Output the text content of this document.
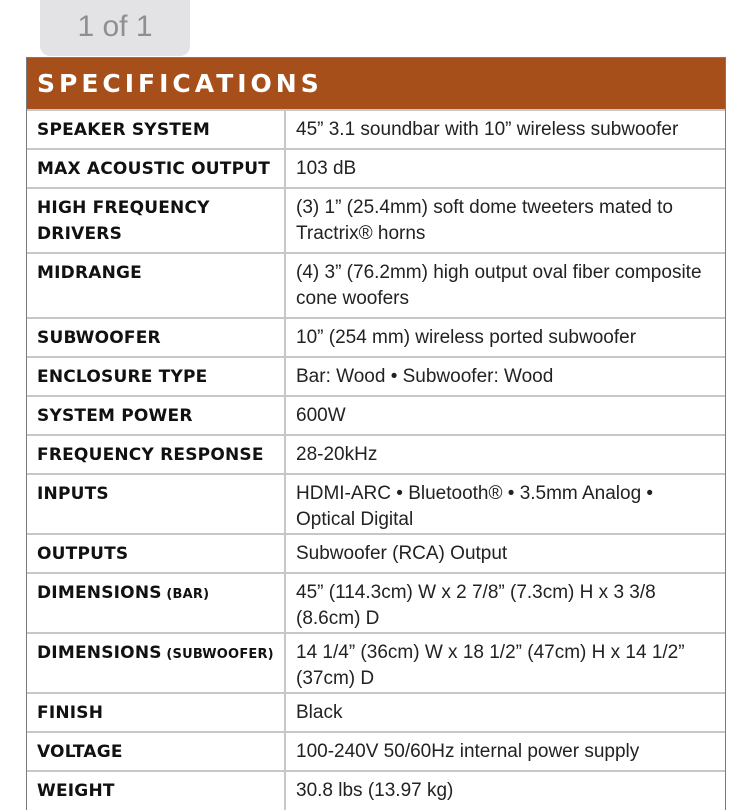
1 of 1
SPECIFICATIONS
SPEAKER SYSTEM	45” 3.1 soundbar with 10” wireless subwoofer
MAX ACOUSTIC OUTPUT	103 dB
HIGH FREQUENCY DRIVERS	(3) 1” (25.4mm) soft dome tweeters mated to Tractrix® horns
MIDRANGE	(4) 3” (76.2mm) high output oval fiber composite cone woofers
SUBWOOFER	10” (254 mm) wireless ported subwoofer
ENCLOSURE TYPE	Bar: Wood • Subwoofer: Wood
SYSTEM POWER	600W
FREQUENCY RESPONSE	28-20kHz
INPUTS	HDMI-ARC • Bluetooth® • 3.5mm Analog • Optical Digital
OUTPUTS	Subwoofer (RCA) Output
DIMENSIONS (BAR)	45” (114.3cm) W x 2 7/8” (7.3cm) H x 3 3/8 (8.6cm) D
DIMENSIONS (SUBWOOFER)	14 1/4” (36cm) W x 18 1/2” (47cm) H x 14 1/2” (37cm) D
FINISH	Black
VOLTAGE	100-240V 50/60Hz internal power supply
WEIGHT	30.8 lbs (13.97 kg)
